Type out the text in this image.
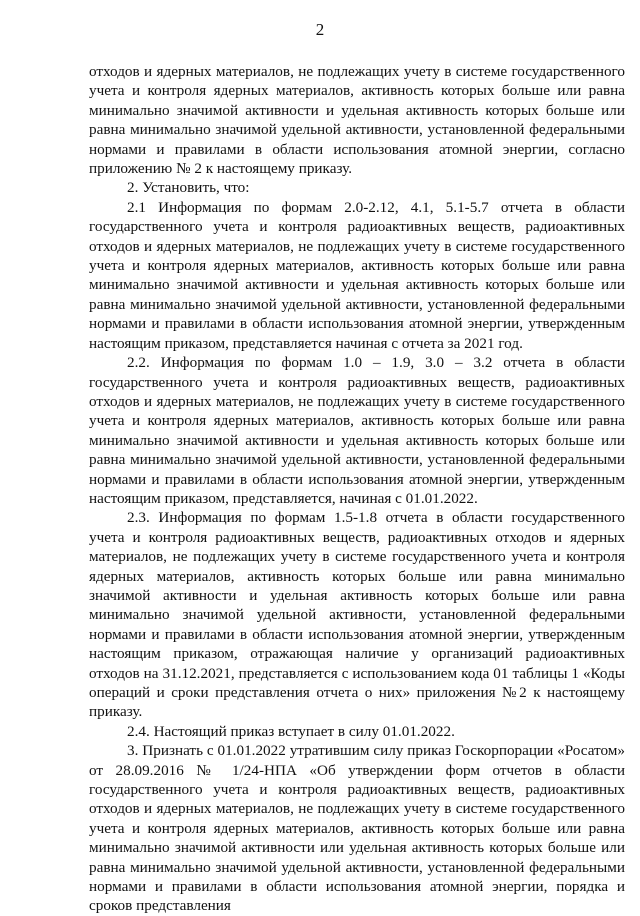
2

отходов и ядерных материалов, не подлежащих учету в системе государственного учета и контроля ядерных материалов, активность которых больше или равна минимально значимой активности и удельная активность которых больше или равна минимально значимой удельной активности, установленной федеральными нормами и правилами в области использования атомной энергии, согласно приложению № 2 к настоящему приказу.

2. Установить, что:

2.1 Информация по формам 2.0-2.12, 4.1, 5.1-5.7 отчета в области государственного учета и контроля радиоактивных веществ, радиоактивных отходов и ядерных материалов, не подлежащих учету в системе государственного учета и контроля ядерных материалов, активность которых больше или равна минимально значимой активности и удельная активность которых больше или равна минимально значимой удельной активности, установленной федеральными нормами и правилами в области использования атомной энергии, утвержденным настоящим приказом, представляется начиная с отчета за 2021 год.

2.2. Информация по формам 1.0 – 1.9, 3.0 – 3.2 отчета в области государственного учета и контроля радиоактивных веществ, радиоактивных отходов и ядерных материалов, не подлежащих учету в системе государственного учета и контроля ядерных материалов, активность которых больше или равна минимально значимой активности и удельная активность которых больше или равна минимально значимой удельной активности, установленной федеральными нормами и правилами в области использования атомной энергии, утвержденным настоящим приказом, представляется, начиная с 01.01.2022.

2.3. Информация по формам 1.5-1.8 отчета в области государственного учета и контроля радиоактивных веществ, радиоактивных отходов и ядерных материалов, не подлежащих учету в системе государственного учета и контроля ядерных материалов, активность которых больше или равна минимально значимой активности и удельная активность которых больше или равна минимально значимой удельной активности, установленной федеральными нормами и правилами в области использования атомной энергии, утвержденным настоящим приказом, отражающая наличие у организаций радиоактивных отходов на 31.12.2021, представляется с использованием кода 01 таблицы 1 «Коды операций и сроки представления отчета о них» приложения №2 к настоящему приказу.

2.4. Настоящий приказ вступает в силу 01.01.2022.

3. Признать с 01.01.2022 утратившим силу приказ Госкорпорации «Росатом» от 28.09.2016 № 1/24-НПА «Об утверждении форм отчетов в области государственного учета и контроля радиоактивных веществ, радиоактивных отходов и ядерных материалов, не подлежащих учету в системе государственного учета и контроля ядерных материалов, активность которых больше или равна минимально значимой активности или удельная активность которых больше или равна минимально значимой удельной активности, установленной федеральными нормами и правилами в области использования атомной энергии, порядка и сроков представления
